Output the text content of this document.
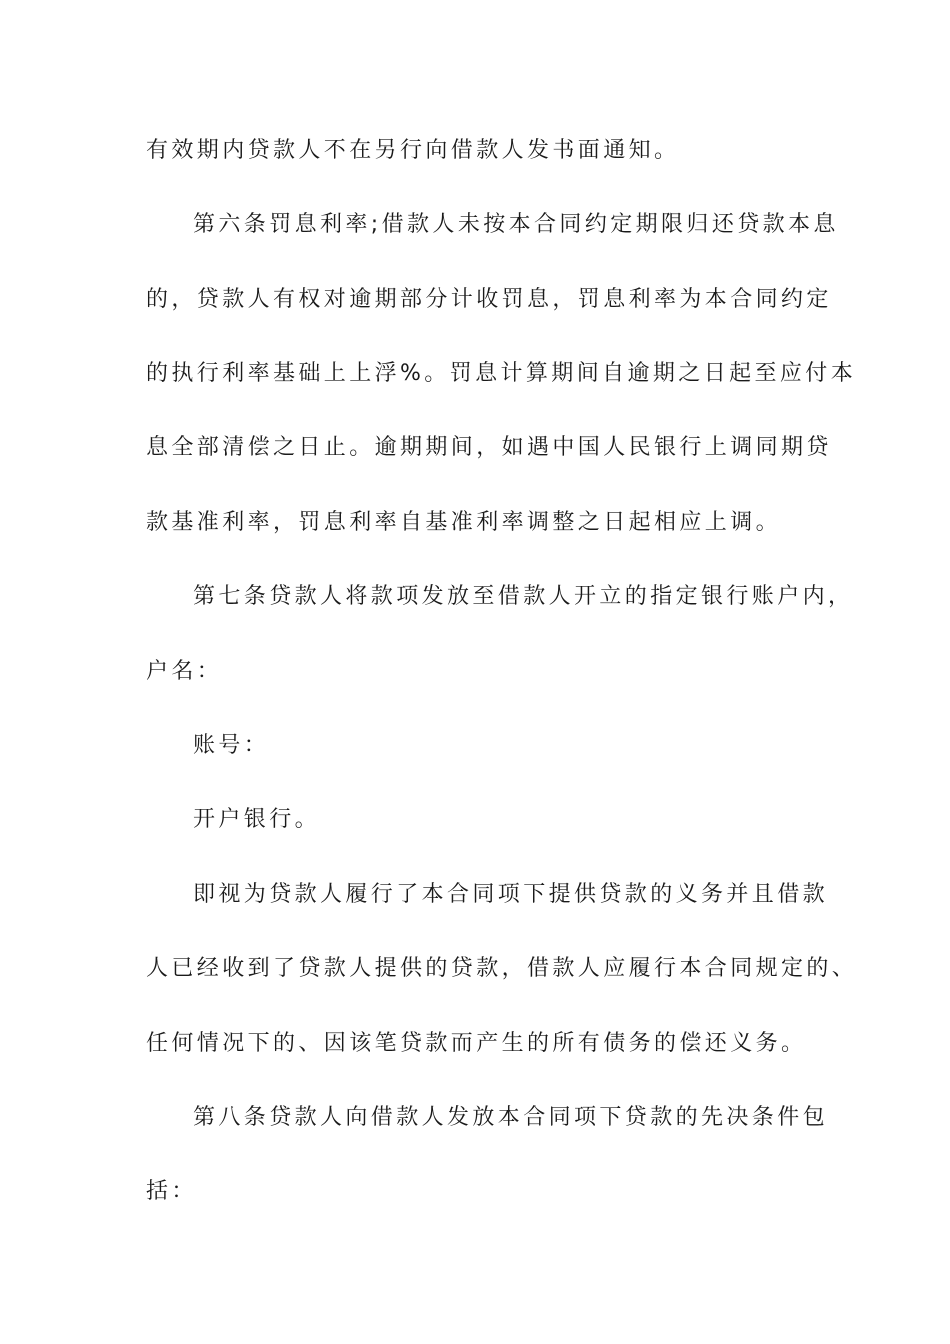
有效期内贷款人不在另行向借款人发书面通知。
第六条罚息利率;借款人未按本合同约定期限归还贷款本息
的，贷款人有权对逾期部分计收罚息，罚息利率为本合同约定
的执行利率基础上上浮%。罚息计算期间自逾期之日起至应付本
息全部清偿之日止。逾期期间，如遇中国人民银行上调同期贷
款基准利率，罚息利率自基准利率调整之日起相应上调。
第七条贷款人将款项发放至借款人开立的指定银行账户内，
户名：
账号：
开户银行。
即视为贷款人履行了本合同项下提供贷款的义务并且借款
人已经收到了贷款人提供的贷款，借款人应履行本合同规定的、
任何情况下的、因该笔贷款而产生的所有债务的偿还义务。
第八条贷款人向借款人发放本合同项下贷款的先决条件包
括：
